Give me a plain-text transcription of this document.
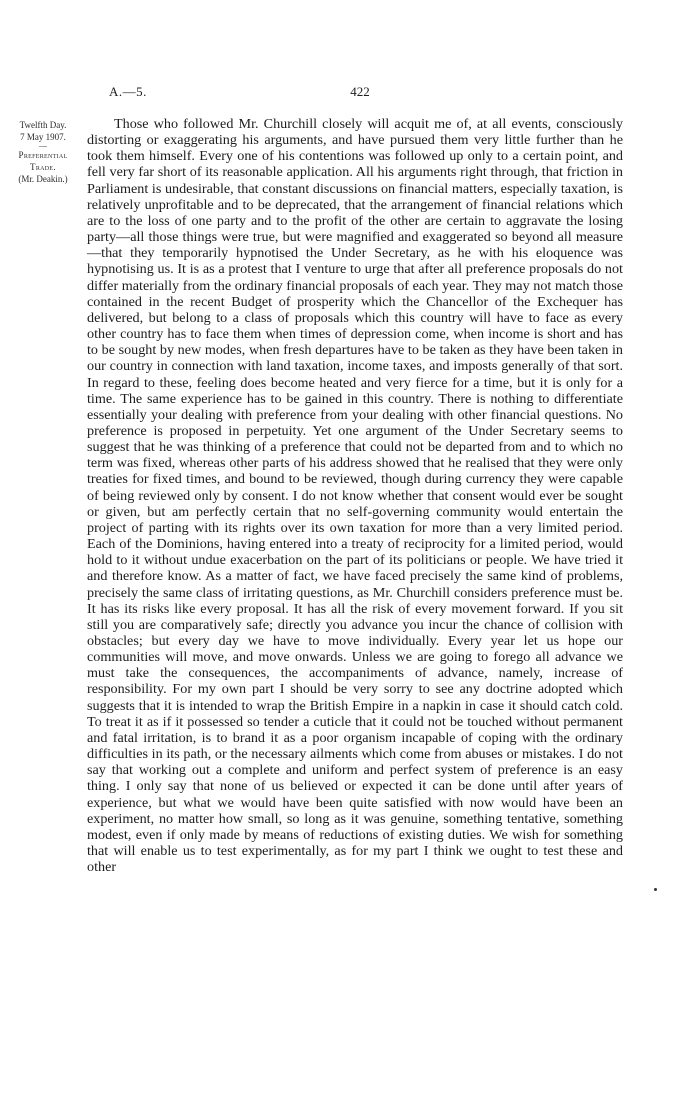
A.—5.	422
Twelfth Day.
7 May 1907.
—
Preferential Trade.
(Mr. Deakin.)

Those who followed Mr. Churchill closely will acquit me of, at all events, consciously distorting or exaggerating his arguments, and have pursued them very little further than he took them himself. Every one of his contentions was followed up only to a certain point, and fell very far short of its reasonable application. All his arguments right through, that friction in Parliament is undesirable, that constant discussions on financial matters, especially taxation, is relatively unprofitable and to be deprecated, that the arrangement of financial relations which are to the loss of one party and to the profit of the other are certain to aggravate the losing party—all those things were true, but were magnified and exaggerated so beyond all measure—that they temporarily hypnotised the Under Secretary, as he with his eloquence was hypnotising us. It is as a protest that I venture to urge that after all preference proposals do not differ materially from the ordinary financial proposals of each year. They may not match those contained in the recent Budget of prosperity which the Chancellor of the Exchequer has delivered, but belong to a class of proposals which this country will have to face as every other country has to face them when times of depression come, when income is short and has to be sought by new modes, when fresh departures have to be taken as they have been taken in our country in connection with land taxation, income taxes, and imposts generally of that sort. In regard to these, feeling does become heated and very fierce for a time, but it is only for a time. The same experience has to be gained in this country. There is nothing to differentiate essentially your dealing with preference from your dealing with other financial questions. No preference is proposed in perpetuity. Yet one argument of the Under Secretary seems to suggest that he was thinking of a preference that could not be departed from and to which no term was fixed, whereas other parts of his address showed that he realised that they were only treaties for fixed times, and bound to be reviewed, though during currency they were capable of being reviewed only by consent. I do not know whether that consent would ever be sought or given, but am perfectly certain that no self-governing community would entertain the project of parting with its rights over its own taxation for more than a very limited period. Each of the Dominions, having entered into a treaty of reciprocity for a limited period, would hold to it without undue exacerbation on the part of its politicians or people. We have tried it and therefore know. As a matter of fact, we have faced precisely the same kind of problems, precisely the same class of irritating questions, as Mr. Churchill considers preference must be. It has its risks like every proposal. It has all the risk of every movement forward. If you sit still you are comparatively safe; directly you advance you incur the chance of collision with obstacles; but every day we have to move individually. Every year let us hope our communities will move, and move onwards. Unless we are going to forego all advance we must take the consequences, the accompaniments of advance, namely, increase of responsibility. For my own part I should be very sorry to see any doctrine adopted which suggests that it is intended to wrap the British Empire in a napkin in case it should catch cold. To treat it as if it possessed so tender a cuticle that it could not be touched without permanent and fatal irritation, is to brand it as a poor organism incapable of coping with the ordinary difficulties in its path, or the necessary ailments which come from abuses or mistakes. I do not say that working out a complete and uniform and perfect system of preference is an easy thing. I only say that none of us believed or expected it can be done until after years of experience, but what we would have been quite satisfied with now would have been an experiment, no matter how small, so long as it was genuine, something tentative, something modest, even if only made by means of reductions of existing duties. We wish for something that will enable us to test experimentally, as for my part I think we ought to test these and other
